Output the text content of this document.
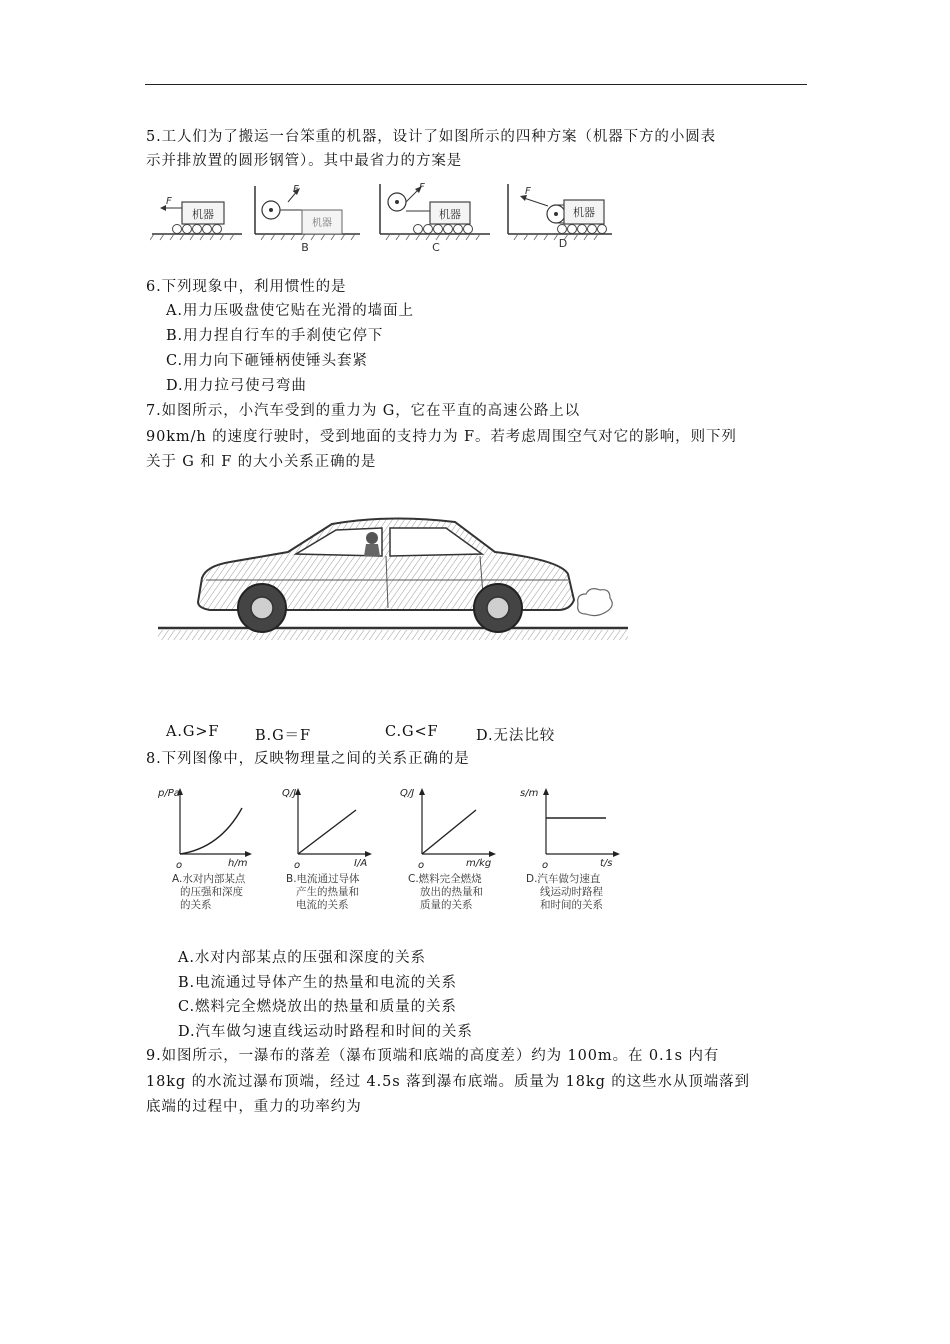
5.工人们为了搬运一台笨重的机器，设计了如图所示的四种方案（机器下方的小圆表
示并排放置的圆形钢管）。其中最省力的方案是
机器
F
F
机器
B
F
机器
C
F
机器
D
6.下列现象中，利用惯性的是
A.用力压吸盘使它贴在光滑的墙面上
B.用力捏自行车的手刹使它停下
C.用力向下砸锤柄使锤头套紧
D.用力拉弓使弓弯曲
7.如图所示，小汽车受到的重力为 G，它在平直的高速公路上以
90km/h 的速度行驶时，受到地面的支持力为 F。若考虑周围空气对它的影响，则下列
关于 G 和 F 的大小关系正确的是
A.G>F B.G＝F	C.G<F	D.无法比较
8.下列图像中，反映物理量之间的关系正确的是
p/Pa
h/m
o
A.水对内部某点
的压强和深度
的关系
Q/J
I/A
o
B.电流通过导体
产生的热量和
电流的关系
Q/J
m/kg
o
C.燃料完全燃烧
放出的热量和
质量的关系
s/m
t/s
o
D.汽车做匀速直
线运动时路程
和时间的关系
A.水对内部某点的压强和深度的关系
B.电流通过导体产生的热量和电流的关系
C.燃料完全燃烧放出的热量和质量的关系
D.汽车做匀速直线运动时路程和时间的关系
9.如图所示，一瀑布的落差（瀑布顶端和底端的高度差）约为 100m。在 0.1s 内有
18kg 的水流过瀑布顶端，经过 4.5s 落到瀑布底端。质量为 18kg 的这些水从顶端落到
底端的过程中，重力的功率约为
